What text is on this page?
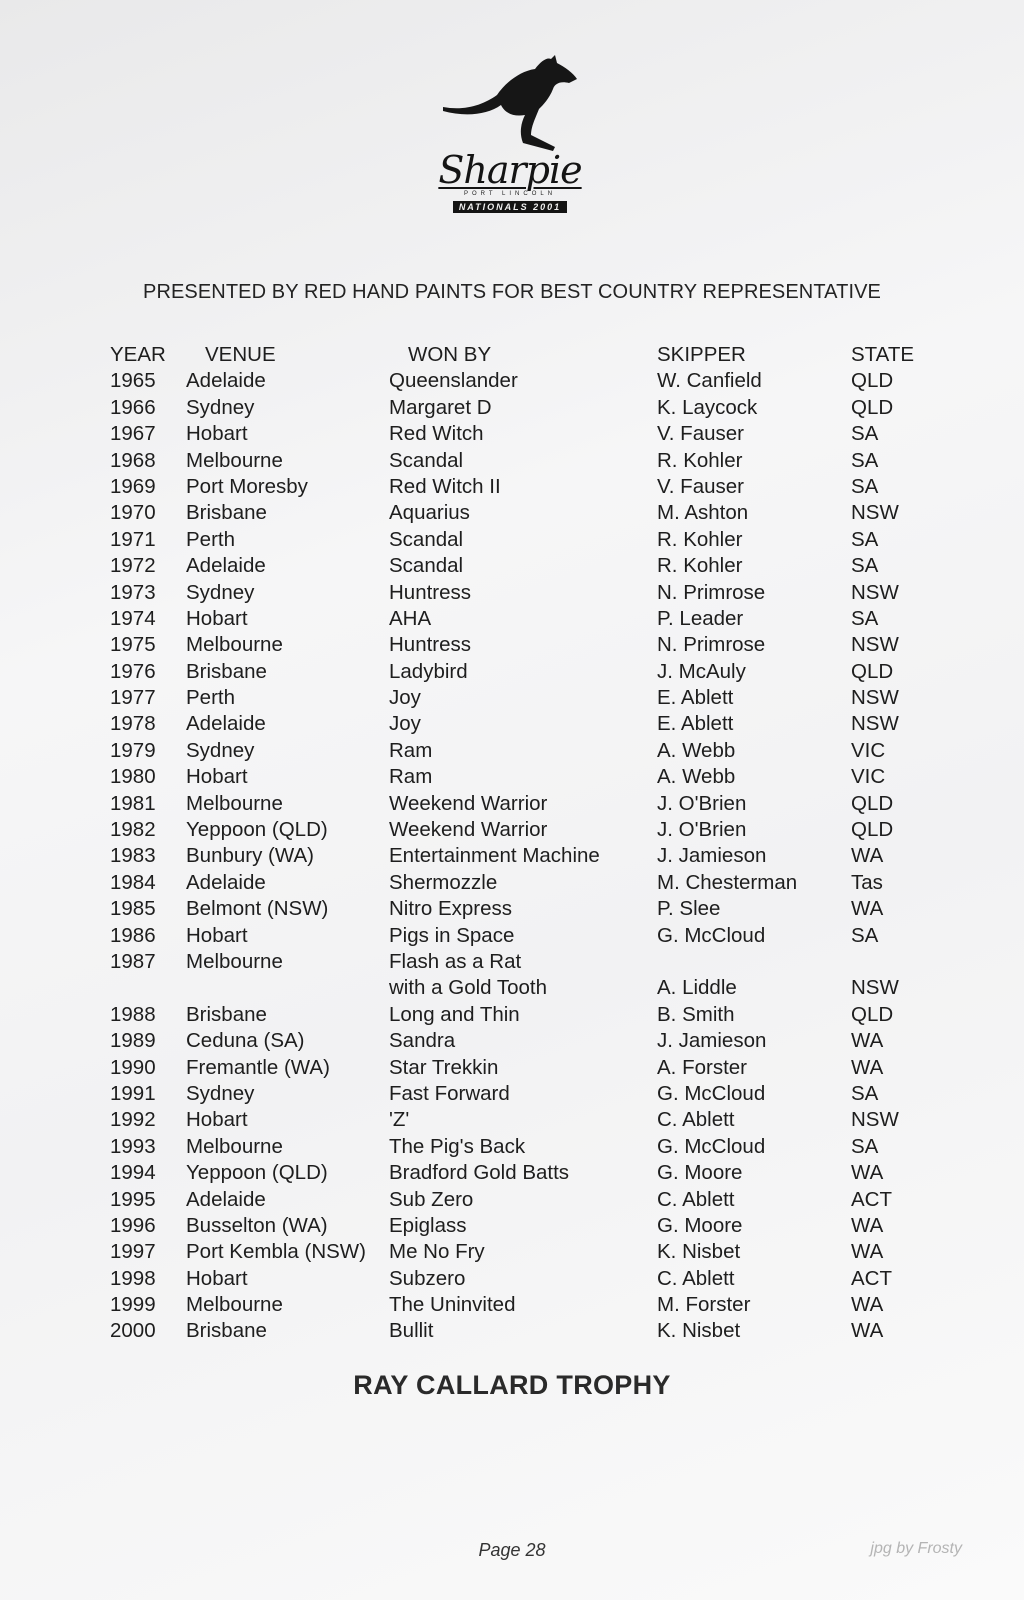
Sharpie
PORT LINCOLN
NATIONALS 2001
PRESENTED BY RED HAND PAINTS FOR BEST COUNTRY REPRESENTATIVE
YEAR VENUE	WON BY	SKIPPER	STATE
1965 Adelaide	Queenslander	W. Canfield	QLD
1966 Sydney	Margaret D	K. Laycock	QLD
1967 Hobart	Red Witch	V. Fauser	SA
1968 Melbourne	Scandal	R. Kohler	SA
1969 Port Moresby	Red Witch II	V. Fauser	SA
1970 Brisbane	Aquarius	M. Ashton	NSW
1971 Perth	Scandal	R. Kohler	SA
1972 Adelaide	Scandal	R. Kohler	SA
1973 Sydney	Huntress	N. Primrose	NSW
1974 Hobart	AHA	P. Leader	SA
1975 Melbourne	Huntress	N. Primrose	NSW
1976 Brisbane	Ladybird	J. McAuly	QLD
1977 Perth	Joy	E. Ablett	NSW
1978 Adelaide	Joy	E. Ablett	NSW
1979 Sydney	Ram	A. Webb	VIC
1980 Hobart	Ram	A. Webb	VIC
1981 Melbourne	Weekend Warrior	J. O'Brien	QLD
1982 Yeppoon (QLD)	Weekend Warrior	J. O'Brien	QLD
1983 Bunbury (WA)	Entertainment Machine	J. Jamieson	WA
1984 Adelaide	Shermozzle	M. Chesterman	Tas
1985 Belmont (NSW)	Nitro Express	P. Slee	WA
1986 Hobart	Pigs in Space	G. McCloud	SA
1987 Melbourne	Flash as a Rat
with a Gold Tooth	A. Liddle	NSW
1988 Brisbane	Long and Thin	B. Smith	QLD
1989 Ceduna (SA)	Sandra	J. Jamieson	WA
1990 Fremantle (WA)	Star Trekkin	A. Forster	WA
1991 Sydney	Fast Forward	G. McCloud	SA
1992 Hobart	'Z'	C. Ablett	NSW
1993 Melbourne	The Pig's Back	G. McCloud	SA
1994 Yeppoon (QLD)	Bradford Gold Batts	G. Moore	WA
1995 Adelaide	Sub Zero	C. Ablett	ACT
1996 Busselton (WA)	Epiglass	G. Moore	WA
1997 Port Kembla (NSW) Me No Fry	K. Nisbet	WA
1998 Hobart	Subzero	C. Ablett	ACT
1999 Melbourne	The Uninvited	M. Forster	WA
2000 Brisbane	Bullit	K. Nisbet	WA
RAY CALLARD TROPHY
Page 28	jpg by Frosty
